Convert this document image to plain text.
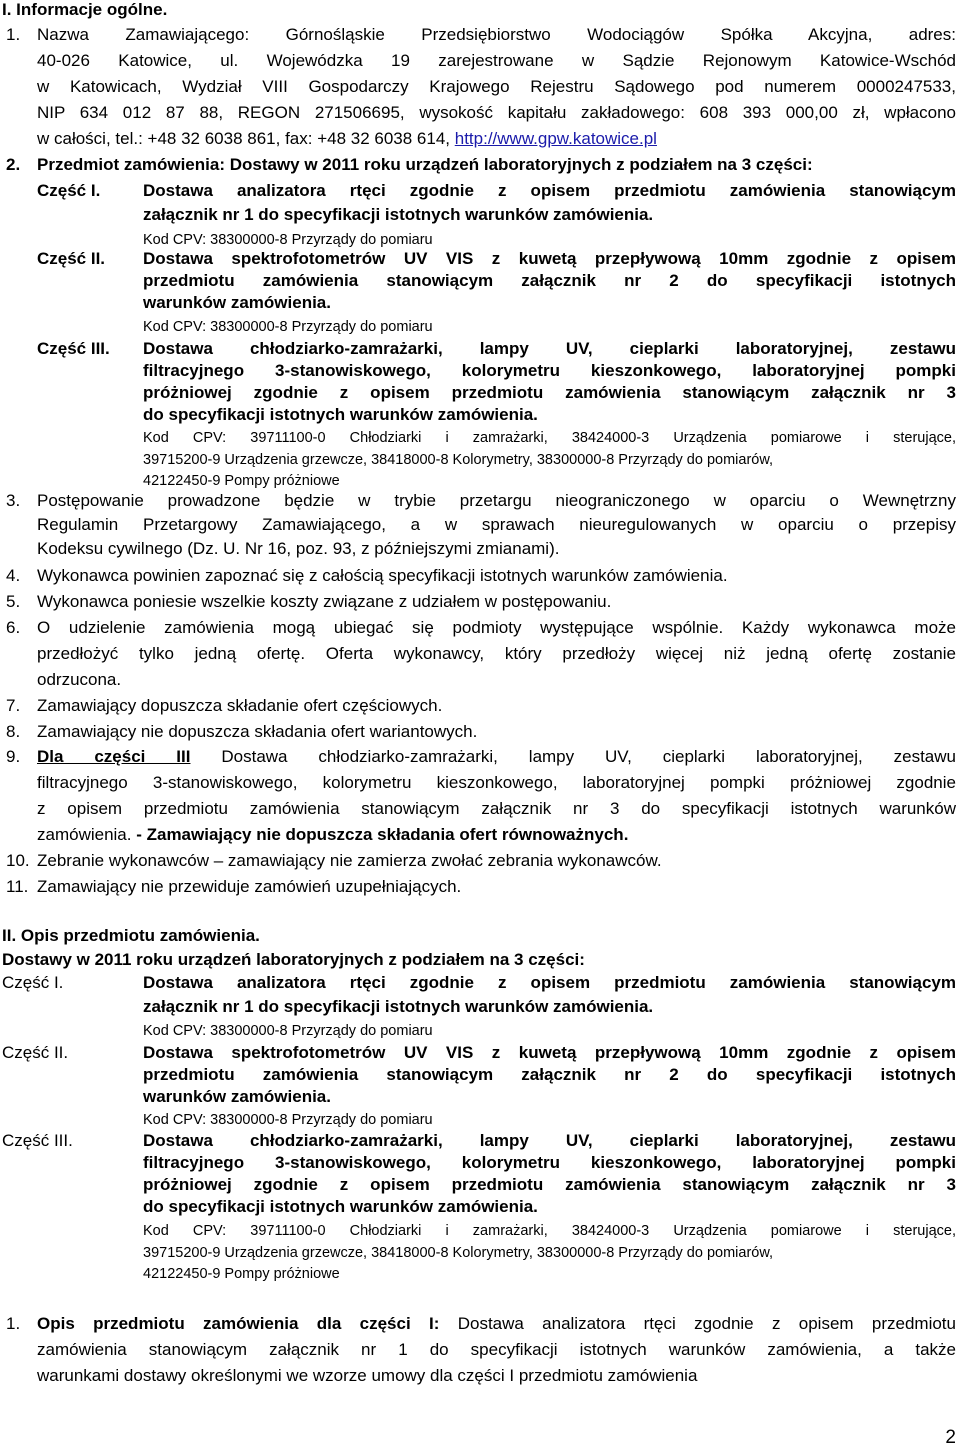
I. Informacje ogólne.
1. Nazwa Zamawiającego: Górnośląskie Przedsiębiorstwo Wodociągów Spółka Akcyjna, adres:
40-026 Katowice, ul. Wojewódzka 19 zarejestrowane w Sądzie Rejonowym Katowice-Wschód
w Katowicach, Wydział VIII Gospodarczy Krajowego Rejestru Sądowego pod numerem 0000247533,
NIP 634 012 87 88, REGON 271506695, wysokość kapitału zakładowego: 608 393 000,00 zł, wpłacono
w całości, tel.: +48 32 6038 861, fax: +48 32 6038 614, http://www.gpw.katowice.pl
2. Przedmiot zamówienia: Dostawy w 2011 roku urządzeń laboratoryjnych z podziałem na 3 części:
Część I.	Dostawa analizatora rtęci zgodnie z opisem przedmiotu zamówienia stanowiącym
załącznik nr 1 do specyfikacji istotnych warunków zamówienia.
Kod CPV: 38300000-8 Przyrządy do pomiaru
Część II. Dostawa spektrofotometrów UV VIS z kuwetą przepływową 10mm zgodnie z opisem
przedmiotu zamówienia stanowiącym załącznik nr 2 do specyfikacji istotnych
warunków zamówienia.
Kod CPV: 38300000-8 Przyrządy do pomiaru
Część III. Dostawa chłodziarko-zamrażarki, lampy UV, cieplarki laboratoryjnej, zestawu
filtracyjnego 3-stanowiskowego, kolorymetru kieszonkowego, laboratoryjnej pompki
próżniowej zgodnie z opisem przedmiotu zamówienia stanowiącym załącznik nr 3
do specyfikacji istotnych warunków zamówienia.
Kod CPV: 39711100-0 Chłodziarki i zamrażarki, 38424000-3 Urządzenia pomiarowe i sterujące,
39715200-9 Urządzenia grzewcze, 38418000-8 Kolorymetry, 38300000-8 Przyrządy do pomiarów,
42122450-9 Pompy próżniowe
3. Postępowanie prowadzone będzie w trybie przetargu nieograniczonego w oparciu o Wewnętrzny
Regulamin Przetargowy Zamawiającego, a w sprawach nieuregulowanych w oparciu o przepisy
Kodeksu cywilnego (Dz. U. Nr 16, poz. 93, z późniejszymi zmianami).
4. Wykonawca powinien zapoznać się z całością specyfikacji istotnych warunków zamówienia.
5. Wykonawca poniesie wszelkie koszty związane z udziałem w postępowaniu.
6. O udzielenie zamówienia mogą ubiegać się podmioty występujące wspólnie. Każdy wykonawca może
przedłożyć tylko jedną ofertę. Oferta wykonawcy, który przedłoży więcej niż jedną ofertę zostanie
odrzucona.
7. Zamawiający dopuszcza składanie ofert częściowych.
8. Zamawiający nie dopuszcza składania ofert wariantowych.
9. Dla części III Dostawa chłodziarko-zamrażarki, lampy UV, cieplarki laboratoryjnej, zestawu
filtracyjnego 3-stanowiskowego, kolorymetru kieszonkowego, laboratoryjnej pompki próżniowej zgodnie
z opisem przedmiotu zamówienia stanowiącym załącznik nr 3 do specyfikacji istotnych warunków
zamówienia. - Zamawiający nie dopuszcza składania ofert równoważnych.
10. Zebranie wykonawców – zamawiający nie zamierza zwołać zebrania wykonawców.
11. Zamawiający nie przewiduje zamówień uzupełniających.
II. Opis przedmiotu zamówienia.
Dostawy w 2011 roku urządzeń laboratoryjnych z podziałem na 3 części:
Część I.	Dostawa analizatora rtęci zgodnie z opisem przedmiotu zamówienia stanowiącym
załącznik nr 1 do specyfikacji istotnych warunków zamówienia.
Kod CPV: 38300000-8 Przyrządy do pomiaru
Część II.	Dostawa spektrofotometrów UV VIS z kuwetą przepływową 10mm zgodnie z opisem
przedmiotu zamówienia stanowiącym załącznik nr 2 do specyfikacji istotnych
warunków zamówienia.
Kod CPV: 38300000-8 Przyrządy do pomiaru
Część III.	Dostawa chłodziarko-zamrażarki, lampy UV, cieplarki laboratoryjnej, zestawu
filtracyjnego 3-stanowiskowego, kolorymetru kieszonkowego, laboratoryjnej pompki
próżniowej zgodnie z opisem przedmiotu zamówienia stanowiącym załącznik nr 3
do specyfikacji istotnych warunków zamówienia.
Kod CPV: 39711100-0 Chłodziarki i zamrażarki, 38424000-3 Urządzenia pomiarowe i sterujące,
39715200-9 Urządzenia grzewcze, 38418000-8 Kolorymetry, 38300000-8 Przyrządy do pomiarów,
42122450-9 Pompy próżniowe
1. Opis przedmiotu zamówienia dla części I: Dostawa analizatora rtęci zgodnie z opisem przedmiotu
zamówienia stanowiącym załącznik nr 1 do specyfikacji istotnych warunków zamówienia, a także
warunkami dostawy określonymi we wzorze umowy dla części I przedmiotu zamówienia
2
